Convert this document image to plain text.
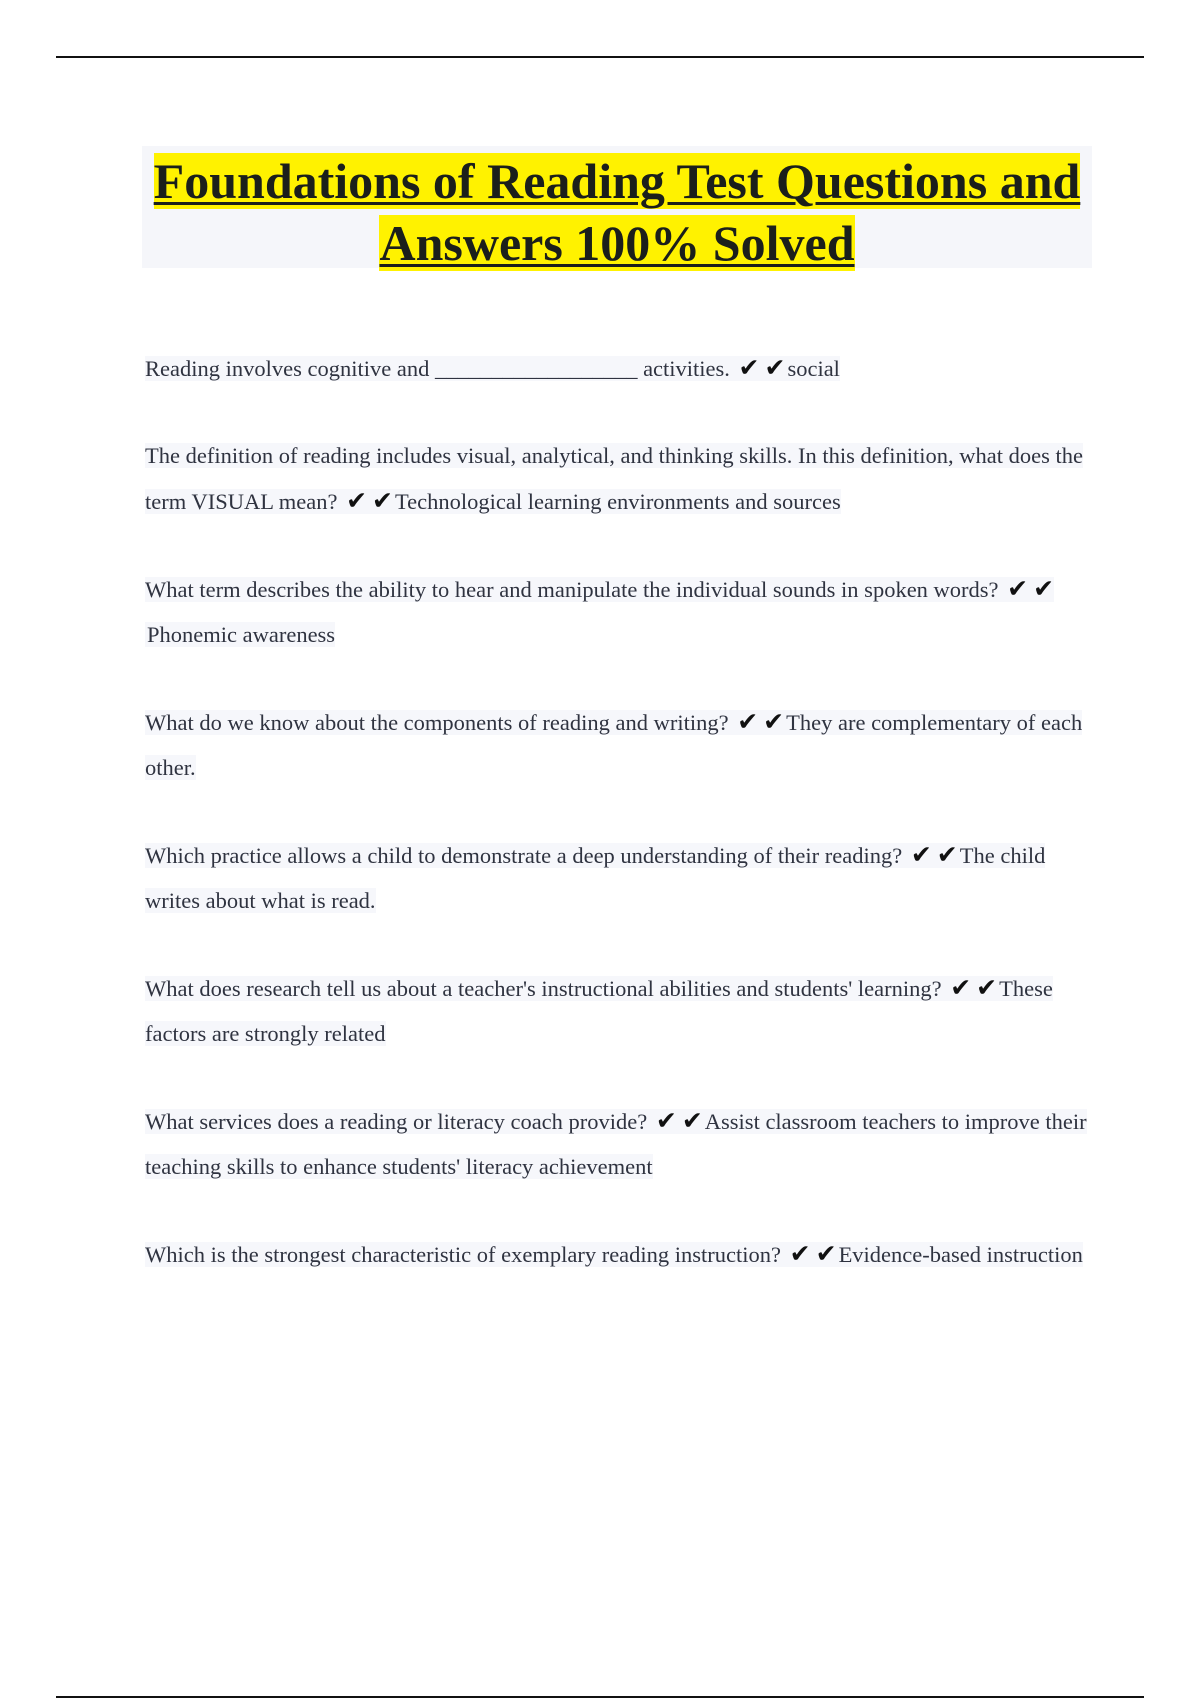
Foundations of Reading Test Questions and Answers 100% Solved

Reading involves cognitive and __________________ activities. ✔ ✔social

The definition of reading includes visual, analytical, and thinking skills. In this definition, what does the term VISUAL mean? ✔ ✔Technological learning environments and sources

What term describes the ability to hear and manipulate the individual sounds in spoken words? ✔ ✔Phonemic awareness

What do we know about the components of reading and writing? ✔ ✔They are complementary of each other.

Which practice allows a child to demonstrate a deep understanding of their reading? ✔ ✔The child writes about what is read.

What does research tell us about a teacher's instructional abilities and students' learning? ✔ ✔These factors are strongly related

What services does a reading or literacy coach provide? ✔ ✔Assist classroom teachers to improve their teaching skills to enhance students' literacy achievement

Which is the strongest characteristic of exemplary reading instruction? ✔ ✔Evidence-based instruction
